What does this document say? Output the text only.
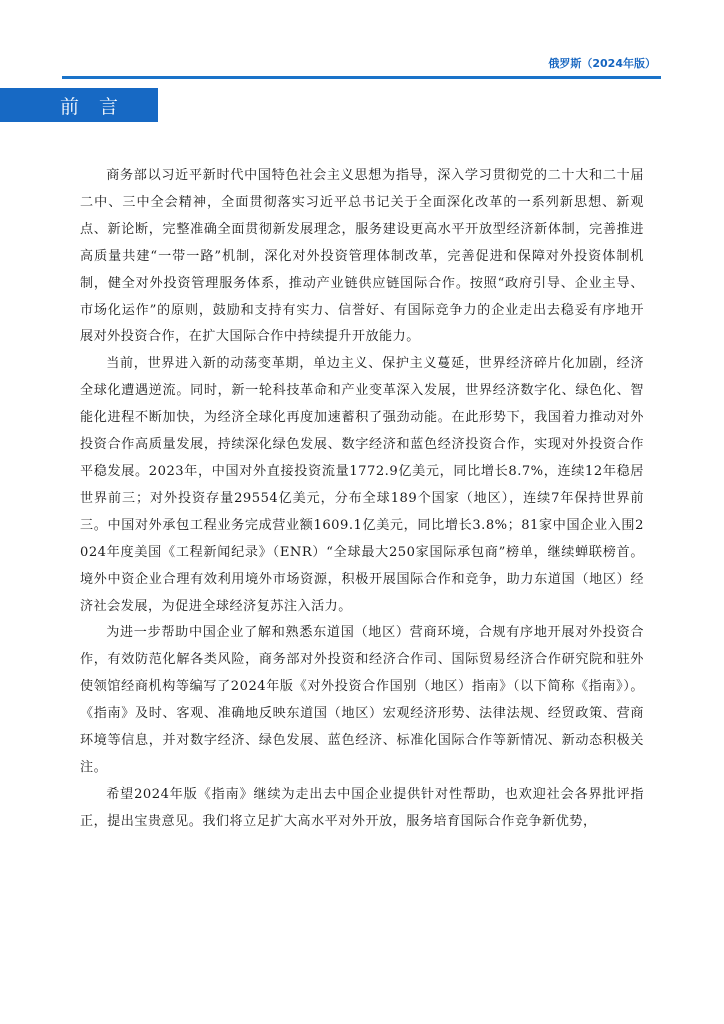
俄罗斯（2024年版）
前 言

商务部以习近平新时代中国特色社会主义思想为指导，深入学习贯彻党的二十大和二十届二中、三中全会精神，全面贯彻落实习近平总书记关于全面深化改革的一系列新思想、新观点、新论断，完整准确全面贯彻新发展理念，服务建设更高水平开放型经济新体制，完善推进高质量共建“一带一路”机制，深化对外投资管理体制改革，完善促进和保障对外投资体制机制，健全对外投资管理服务体系，推动产业链供应链国际合作。按照“政府引导、企业主导、市场化运作”的原则，鼓励和支持有实力、信誉好、有国际竞争力的企业走出去稳妥有序地开展对外投资合作，在扩大国际合作中持续提升开放能力。

当前，世界进入新的动荡变革期，单边主义、保护主义蔓延，世界经济碎片化加剧，经济全球化遭遇逆流。同时，新一轮科技革命和产业变革深入发展，世界经济数字化、绿色化、智能化进程不断加快，为经济全球化再度加速蓄积了强劲动能。在此形势下，我国着力推动对外投资合作高质量发展，持续深化绿色发展、数字经济和蓝色经济投资合作，实现对外投资合作平稳发展。2023年，中国对外直接投资流量1772.9亿美元，同比增长8.7%，连续12年稳居世界前三；对外投资存量29554亿美元，分布全球189个国家（地区），连续7年保持世界前三。中国对外承包工程业务完成营业额1609.1亿美元，同比增长3.8%；81家中国企业入围2024年度美国《工程新闻纪录》（ENR）“全球最大250家国际承包商”榜单，继续蝉联榜首。境外中资企业合理有效利用境外市场资源，积极开展国际合作和竞争，助力东道国（地区）经济社会发展，为促进全球经济复苏注入活力。

为进一步帮助中国企业了解和熟悉东道国（地区）营商环境，合规有序地开展对外投资合作，有效防范化解各类风险，商务部对外投资和经济合作司、国际贸易经济合作研究院和驻外使领馆经商机构等编写了2024年版《对外投资合作国别（地区）指南》（以下简称《指南》）。《指南》及时、客观、准确地反映东道国（地区）宏观经济形势、法律法规、经贸政策、营商环境等信息，并对数字经济、绿色发展、蓝色经济、标准化国际合作等新情况、新动态积极关注。

希望2024年版《指南》继续为走出去中国企业提供针对性帮助，也欢迎社会各界批评指正，提出宝贵意见。我们将立足扩大高水平对外开放，服务培育国际合作竞争新优势，
